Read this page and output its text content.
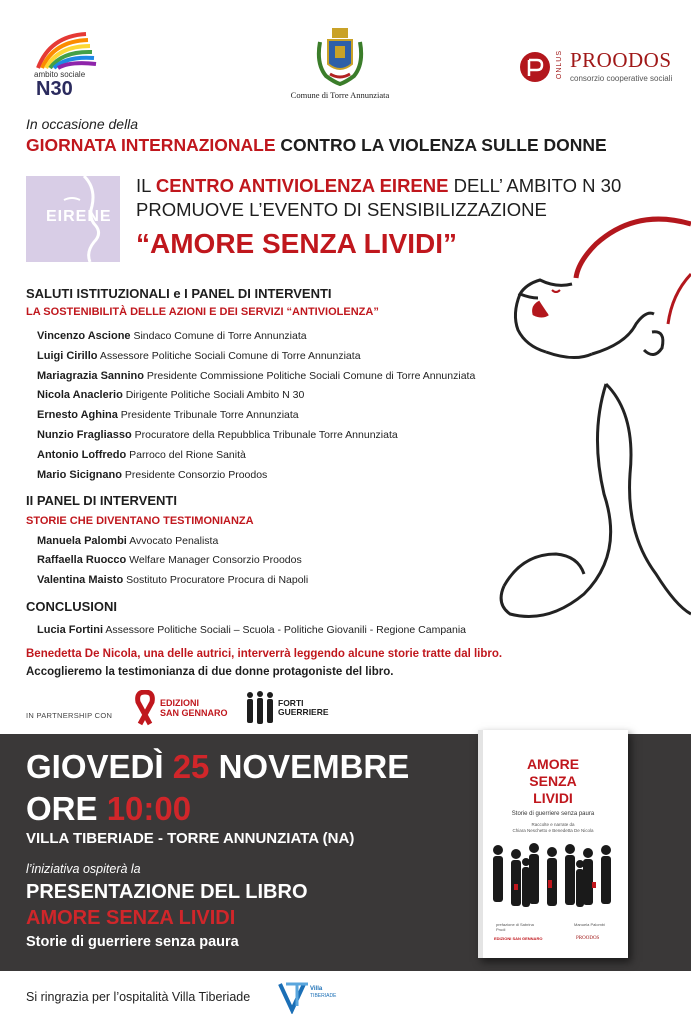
ambito sociale
N30	Comune di Torre Annunziata
ONLUS PROODOS
consorzio cooperative sociali
In occasione della
GIORNATA INTERNAZIONALE CONTRO LA VIOLENZA SULLE DONNE
EIRENE
IL CENTRO ANTIVIOLENZA EIRENE DELL’ AMBITO N 30
PROMUOVE L’EVENTO DI SENSIBILIZZAZIONE
“AMORE SENZA LIVIDI”
SALUTI ISTITUZIONALI e I PANEL DI INTERVENTI
LA SOSTENIBILITÀ DELLE AZIONI E DEI SERVIZI “ANTIVIOLENZA”
Vincenzo Ascione Sindaco Comune di Torre Annunziata
Luigi Cirillo Assessore Politiche Sociali Comune di Torre Annunziata
Mariagrazia Sannino Presidente Commissione Politiche Sociali Comune di Torre Annunziata
Nicola Anaclerio Dirigente Politiche Sociali Ambito N 30
Ernesto Aghina Presidente Tribunale Torre Annunziata
Nunzio Fragliasso Procuratore della Repubblica Tribunale Torre Annunziata
Antonio Loffredo Parroco del Rione Sanità
Mario Sicignano Presidente Consorzio Proodos
II PANEL DI INTERVENTI
STORIE CHE DIVENTANO TESTIMONIANZA
Manuela Palombi Avvocato Penalista
Raffaella Ruocco Welfare Manager Consorzio Proodos
Valentina Maisto Sostituto Procuratore Procura di Napoli
CONCLUSIONI
Lucia Fortini Assessore Politiche Sociali – Scuola - Politiche Giovanili - Regione Campania
Benedetta De Nicola, una delle autrici, interverrà leggendo alcune storie tratte dal libro.
Accoglieremo la testimonianza di due donne protagoniste del libro.
IN PARTNERSHIP CON
EDIZIONI
SAN GENNARO
FORTI
GUERRIERE
GIOVEDÌ 25 NOVEMBRE
ORE 10:00
VILLA TIBERIADE - TORRE ANNUNZIATA (NA)
l’iniziativa ospiterà la
PRESENTAZIONE DEL LIBRO
AMORE SENZA LIVIDI
Storie di guerriere senza paura
AMORE
SENZA
LIVIDI
Storie di guerriere senza paura
Raccolte e narrate da
Chiara Neschetto e Benedetta De Nicola
prefazione di Sabrina Prudi
Manuela Palombi
EDIZIONI SAN GENNARO	PROODOS
Si ringrazia per l’ospitalità Villa Tiberiade
Villa
TIBERIADE
